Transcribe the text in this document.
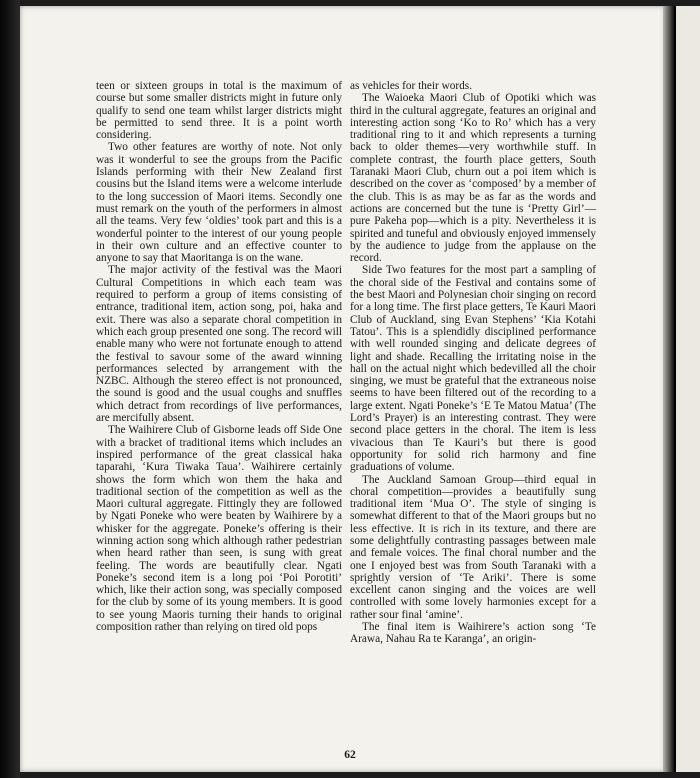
teen or sixteen groups in total is the maximum of course but some smaller districts might in future only qualify to send one team whilst larger districts might be permitted to send three. It is a point worth considering.

Two other features are worthy of note. Not only was it wonderful to see the groups from the Pacific Islands performing with their New Zealand first cousins but the Island items were a welcome interlude to the long succession of Maori items. Secondly one must remark on the youth of the performers in almost all the teams. Very few ‘oldies’ took part and this is a wonderful pointer to the interest of our young people in their own culture and an effective counter to anyone to say that Maoritanga is on the wane.

The major activity of the festival was the Maori Cultural Competitions in which each team was required to perform a group of items consisting of entrance, traditional item, action song, poi, haka and exit. There was also a separate choral competition in which each group presented one song. The record will enable many who were not fortunate enough to attend the festival to savour some of the award winning performances selected by arrangement with the NZBC. Although the stereo effect is not pronounced, the sound is good and the usual coughs and snuffles which detract from recordings of live performances, are mercifully absent.

The Waihirere Club of Gisborne leads off Side One with a bracket of traditional items which includes an inspired performance of the great classical haka taparahi, ‘Kura Tiwaka Taua’. Waihirere certainly shows the form which won them the haka and traditional section of the competition as well as the Maori cultural aggregate. Fittingly they are followed by Ngati Poneke who were beaten by Waihirere by a whisker for the aggregate. Poneke’s offering is their winning action song which although rather pedestrian when heard rather than seen, is sung with great feeling. The words are beautifully clear. Ngati Poneke’s second item is a long poi ‘Poi Porotiti’ which, like their action song, was specially composed for the club by some of its young members. It is good to see young Maoris turning their hands to original composition rather than relying on tired old pops

as vehicles for their words.

The Waioeka Maori Club of Opotiki which was third in the cultural aggregate, features an original and interesting action song ‘Ko to Ro’ which has a very traditional ring to it and which represents a turning back to older themes—very worthwhile stuff. In complete contrast, the fourth place getters, South Taranaki Maori Club, churn out a poi item which is described on the cover as ‘composed’ by a member of the club. This is as may be as far as the words and actions are concerned but the tune is ‘Pretty Girl’—pure Pakeha pop—which is a pity. Nevertheless it is spirited and tuneful and obviously enjoyed immensely by the audience to judge from the applause on the record.

Side Two features for the most part a sampling of the choral side of the Festival and contains some of the best Maori and Polynesian choir singing on record for a long time. The first place getters, Te Kauri Maori Club of Auckland, sing Evan Stephens’ ‘Kia Kotahi Tatou’. This is a splendidly disciplined performance with well rounded singing and delicate degrees of light and shade. Recalling the irritating noise in the hall on the actual night which bedevilled all the choir singing, we must be grateful that the extraneous noise seems to have been filtered out of the recording to a large extent. Ngati Poneke’s ‘E Te Matou Matua’ (The Lord’s Prayer) is an interesting contrast. They were second place getters in the choral. The item is less vivacious than Te Kauri’s but there is good opportunity for solid rich harmony and fine graduations of volume.

The Auckland Samoan Group—third equal in choral competition—provides a beautifully sung traditional item ‘Mua O’. The style of singing is somewhat different to that of the Maori groups but no less effective. It is rich in its texture, and there are some delightfully contrasting passages between male and female voices. The final choral number and the one I enjoyed best was from South Taranaki with a sprightly version of ‘Te Ariki’. There is some excellent canon singing and the voices are well controlled with some lovely harmonies except for a rather sour final ‘amine’.

The final item is Waihirere’s action song ‘Te Arawa, Nahau Ra te Karanga’, an origin-

62
